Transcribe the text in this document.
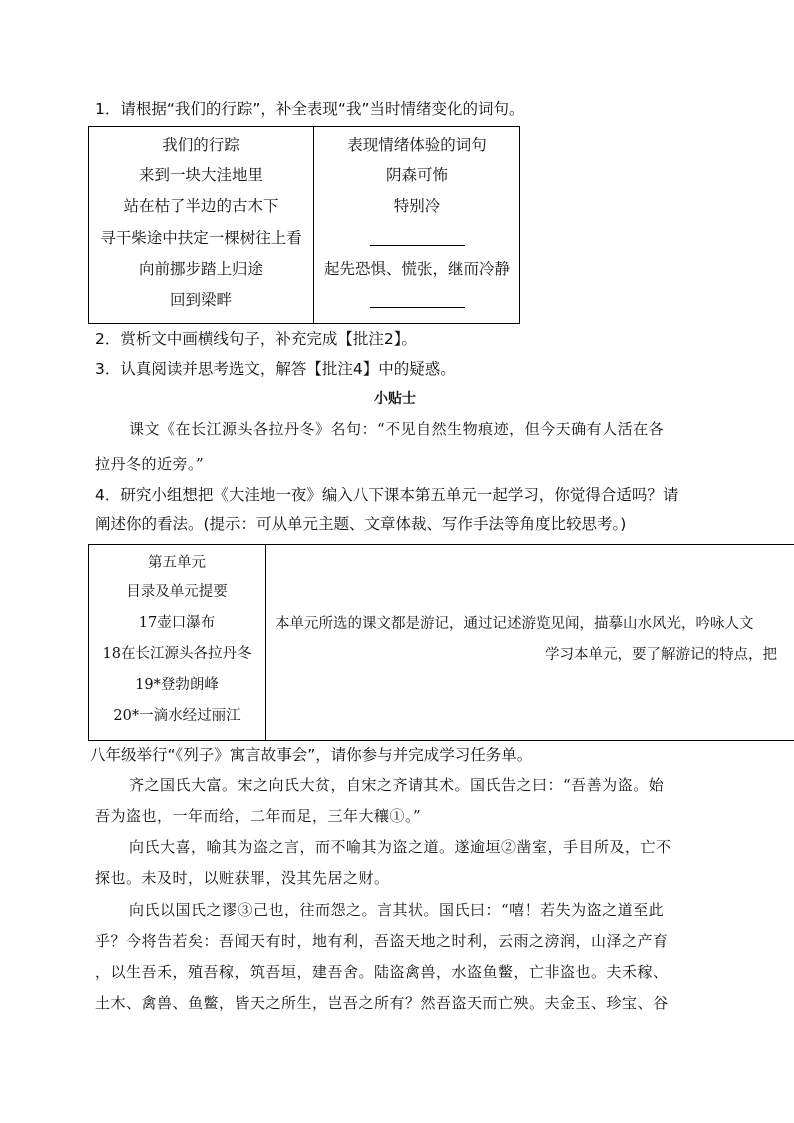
1．请根据“我们的行踪”，补全表现“我”当时情绪变化的词句。
我们的行踪
来到一块大洼地里
站在枯了半边的古木下
寻干柴途中扶定一棵树往上看
向前挪步踏上归途
回到梁畔
表现情绪体验的词句
阴森可怖
特别冷
起先恐惧、慌张，继而冷静
2．赏析文中画横线句子，补充完成【批注2】。
3．认真阅读并思考选文，解答【批注4】中的疑惑。
小贴士
课文《在长江源头各拉丹冬》名句：“不见自然生物痕迹，但今天确有人活在各
拉丹冬的近旁。”
4．研究小组想把《大洼地一夜》编入八下课本第五单元一起学习，你觉得合适吗？请
阐述你的看法。(提示：可从单元主题、文章体裁、写作手法等角度比较思考。)
第五单元
目录及单元提要
17壶口瀑布
18在长江源头各拉丹冬
19*登勃朗峰
20*一滴水经过丽江
本单元所选的课文都是游记，通过记述游览见闻，描摹山水风光，吟咏人文
学习本单元，要了解游记的特点，把
八年级举行“《列子》寓言故事会”，请你参与并完成学习任务单。
齐之国氏大富。宋之向氏大贫，自宋之齐请其术。国氏告之曰：“吾善为盗。始
吾为盗也，一年而给，二年而足，三年大穰①。”
向氏大喜，喻其为盗之言，而不喻其为盗之道。遂逾垣②凿室，手目所及，亡不
探也。未及时，以赃获罪，没其先居之财。
向氏以国氏之谬③己也，往而怨之。言其状。国氏曰：“嘻！若失为盗之道至此
乎？今将告若矣：吾闻天有时，地有利，吾盗天地之时利，云雨之滂润，山泽之产育
，以生吾禾，殖吾稼，筑吾垣，建吾舍。陆盗禽兽，水盗鱼鳖，亡非盗也。夫禾稼、
土木、禽兽、鱼鳖，皆天之所生，岂吾之所有？然吾盗天而亡殃。夫金玉、珍宝、谷
